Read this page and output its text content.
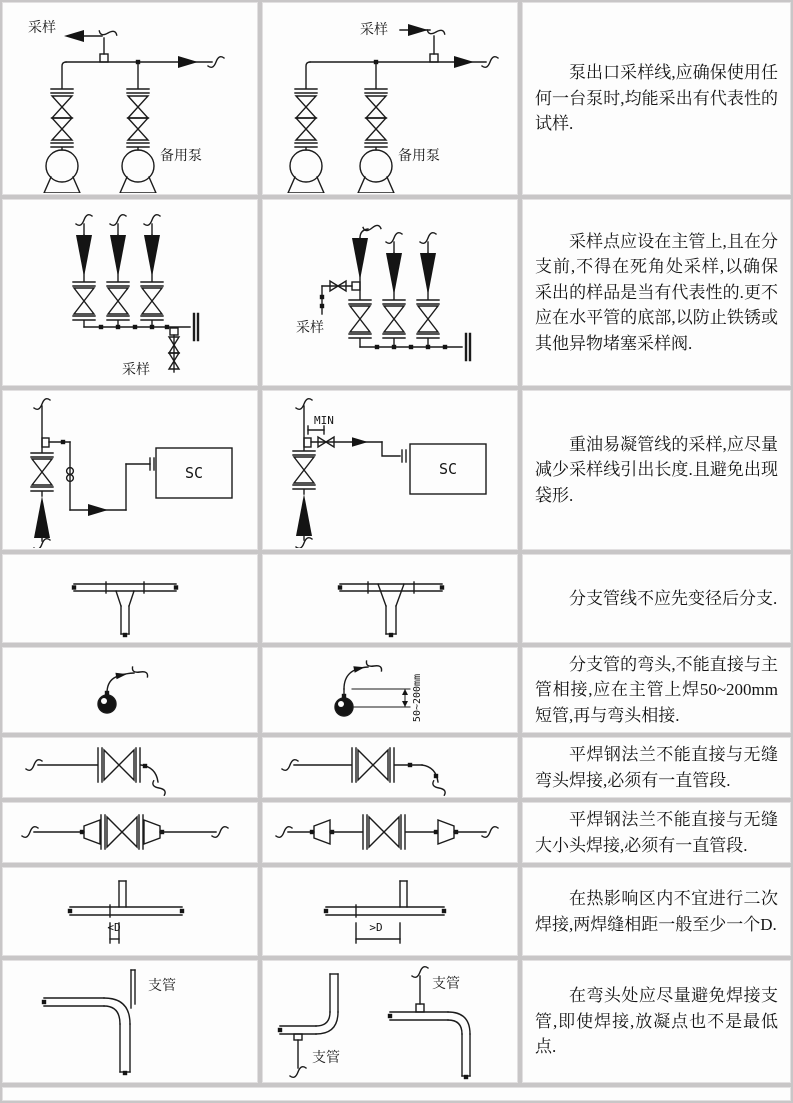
采样
备用泵
采样
备用泵

泵出口采样线,应确保使用任何一台泵时,均能采出有代表性的试样.

采样
采样

采样点应设在主管上,且在分支前,不得在死角处采样,以确保采出的样品是当有代表性的.更不应在水平管的底部,以防止铁锈或其他异物堵塞采样阀.

SC
MIN
SC

重油易凝管线的采样,应尽量减少采样线引出长度.且避免出现袋形.

分支管线不应先变径后分支.

50~200mm

分支管的弯头,不能直接与主管相接,应在主管上焊50~200mm短管,再与弯头相接.

平焊钢法兰不能直接与无缝弯头焊接,必须有一直管段.

平焊钢法兰不能直接与无缝大小头焊接,必须有一直管段.

<D	>D

在热影响区内不宜进行二次焊接,两焊缝相距一般至少一个D.

支管
支管
支管

在弯头处应尽量避免焊接支管,即使焊接,放凝点也不是最低点.
